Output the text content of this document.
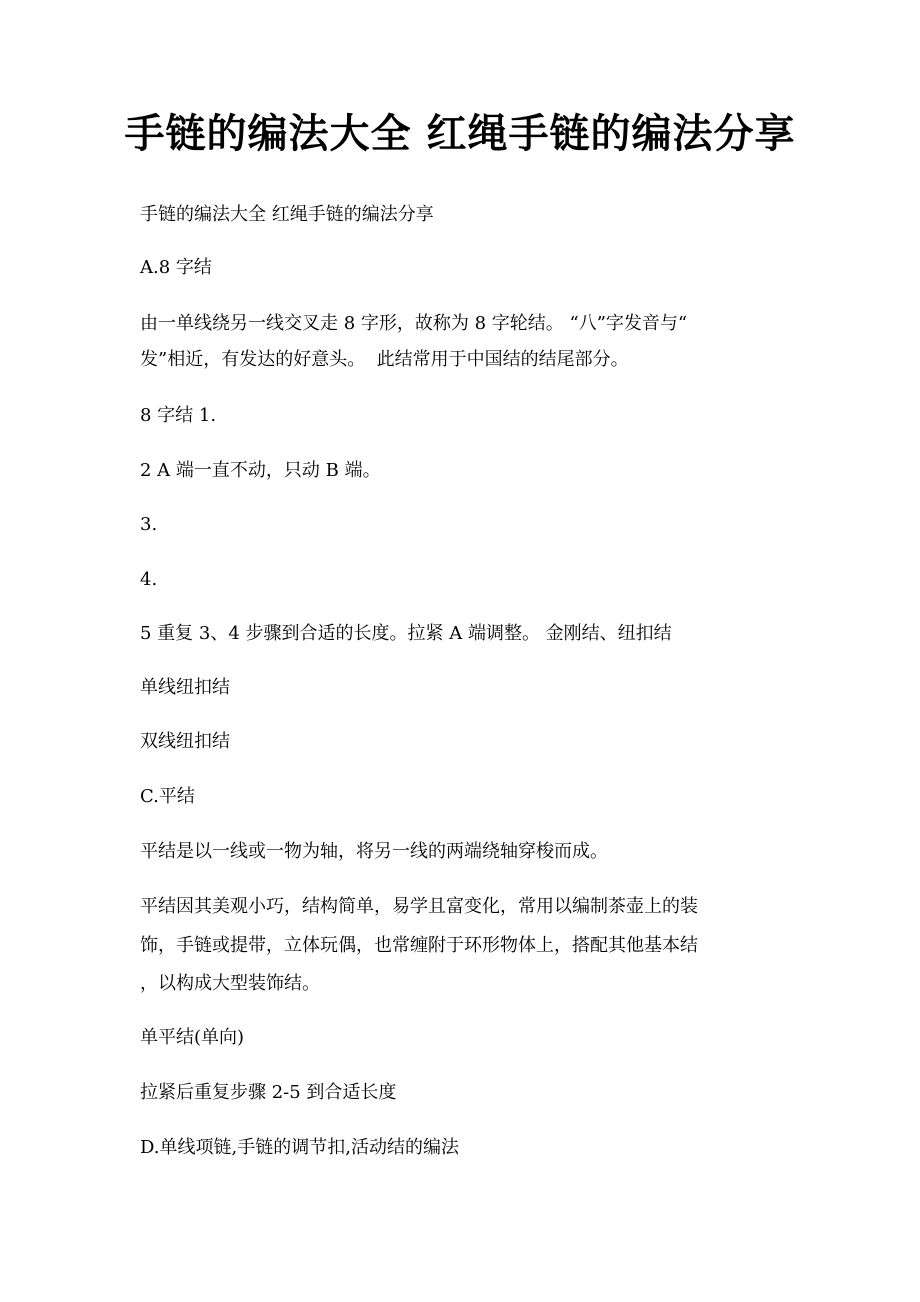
手链的编法大全 红绳手链的编法分享

手链的编法大全 红绳手链的编法分享

A.8 字结

由一单线绕另一线交叉走 8 字形，故称为 8 字轮结。 “八”字发音与“

发”相近，有发达的好意头。  此结常用于中国结的结尾部分。

8 字结 1.

2 A 端一直不动，只动 B 端。

3.

4.

5 重复 3、4 步骤到合适的长度。拉紧 A 端调整。 金刚结、纽扣结

单线纽扣结

双线纽扣结

C.平结

平结是以一线或一物为轴，将另一线的两端绕轴穿梭而成。

平结因其美观小巧，结构简单，易学且富变化，常用以编制茶壶上的装

饰，手链或提带，立体玩偶，也常缠附于环形物体上，搭配其他基本结

，以构成大型装饰结。

单平结(单向)

拉紧后重复步骤 2-5 到合适长度

D.单线项链,手链的调节扣,活动结的编法
